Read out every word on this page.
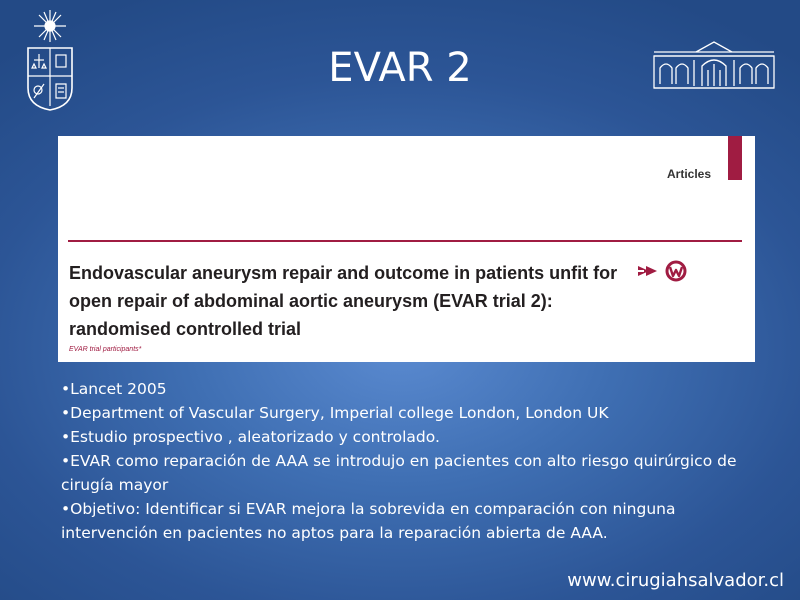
EVAR 2
Articles
Endovascular aneurysm repair and outcome in patients unfit for open repair of abdominal aortic aneurysm (EVAR trial 2): randomised controlled trial
EVAR trial participants*

•Lancet 2005

•Department of Vascular Surgery, Imperial college London, London UK

•Estudio prospectivo , aleatorizado y controlado.

•EVAR como reparación de AAA se introdujo en pacientes con alto riesgo quirúrgico de cirugía mayor

•Objetivo: Identificar si EVAR mejora la sobrevida en comparación con ninguna intervención en pacientes no aptos para la reparación abierta de AAA.

www.cirugiahsalvador.cl
